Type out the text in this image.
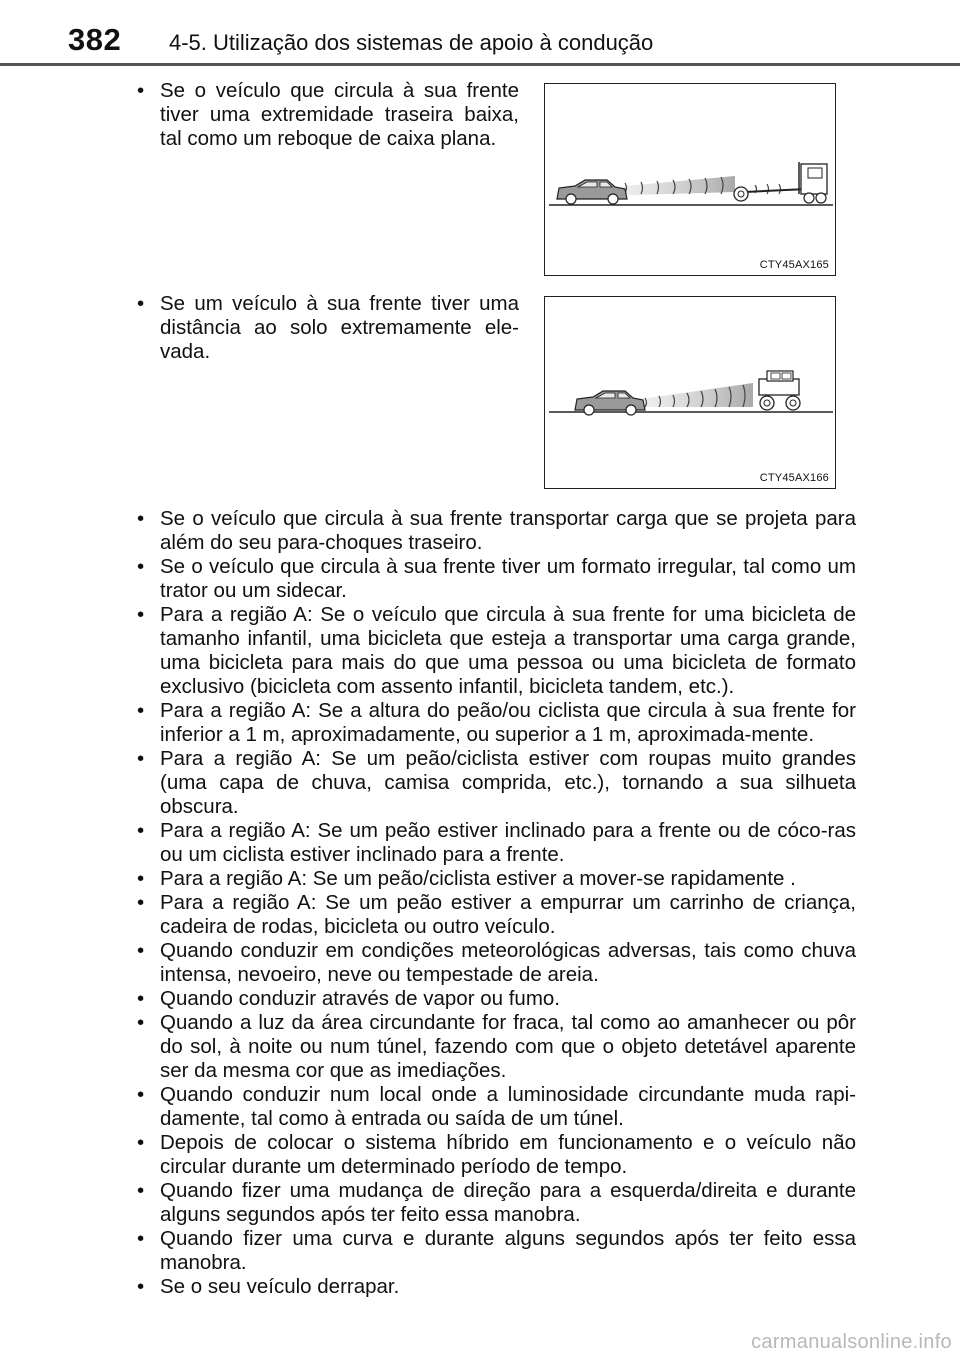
382 4-5. Utilização dos sistemas de apoio à condução
• Se o veículo que circula à sua frente tiver uma extremidade traseira baixa, tal como um reboque de caixa plana.
CTY45AX165
• Se um veículo à sua frente tiver uma distância ao solo extremamente ele-vada.
CTY45AX166
• Se o veículo que circula à sua frente transportar carga que se projeta para além do seu para-choques traseiro.
• Se o veículo que circula à sua frente tiver um formato irregular, tal como um trator ou um sidecar.
• Para a região A: Se o veículo que circula à sua frente for uma bicicleta de tamanho infantil, uma bicicleta que esteja a transportar uma carga grande, uma bicicleta para mais do que uma pessoa ou uma bicicleta de formato exclusivo (bicicleta com assento infantil, bicicleta tandem, etc.).
• Para a região A: Se a altura do peão/ou ciclista que circula à sua frente for inferior a 1 m, aproximadamente, ou superior a 1 m, aproximada-mente.
• Para a região A: Se um peão/ciclista estiver com roupas muito grandes (uma capa de chuva, camisa comprida, etc.), tornando a sua silhueta obscura.
• Para a região A: Se um peão estiver inclinado para a frente ou de cóco-ras ou um ciclista estiver inclinado para a frente.
• Para a região A: Se um peão/ciclista estiver a mover-se rapidamente .
• Para a região A: Se um peão estiver a empurrar um carrinho de criança, cadeira de rodas, bicicleta ou outro veículo.
• Quando conduzir em condições meteorológicas adversas, tais como chuva intensa, nevoeiro, neve ou tempestade de areia.
• Quando conduzir através de vapor ou fumo.
• Quando a luz da área circundante for fraca, tal como ao amanhecer ou pôr do sol, à noite ou num túnel, fazendo com que o objeto detetável aparente ser da mesma cor que as imediações.
• Quando conduzir num local onde a luminosidade circundante muda rapi-damente, tal como à entrada ou saída de um túnel.
• Depois de colocar o sistema híbrido em funcionamento e o veículo não circular durante um determinado período de tempo.
• Quando fizer uma mudança de direção para a esquerda/direita e durante alguns segundos após ter feito essa manobra.
• Quando fizer uma curva e durante alguns segundos após ter feito essa manobra.
• Se o seu veículo derrapar.
carmanualsonline.info
